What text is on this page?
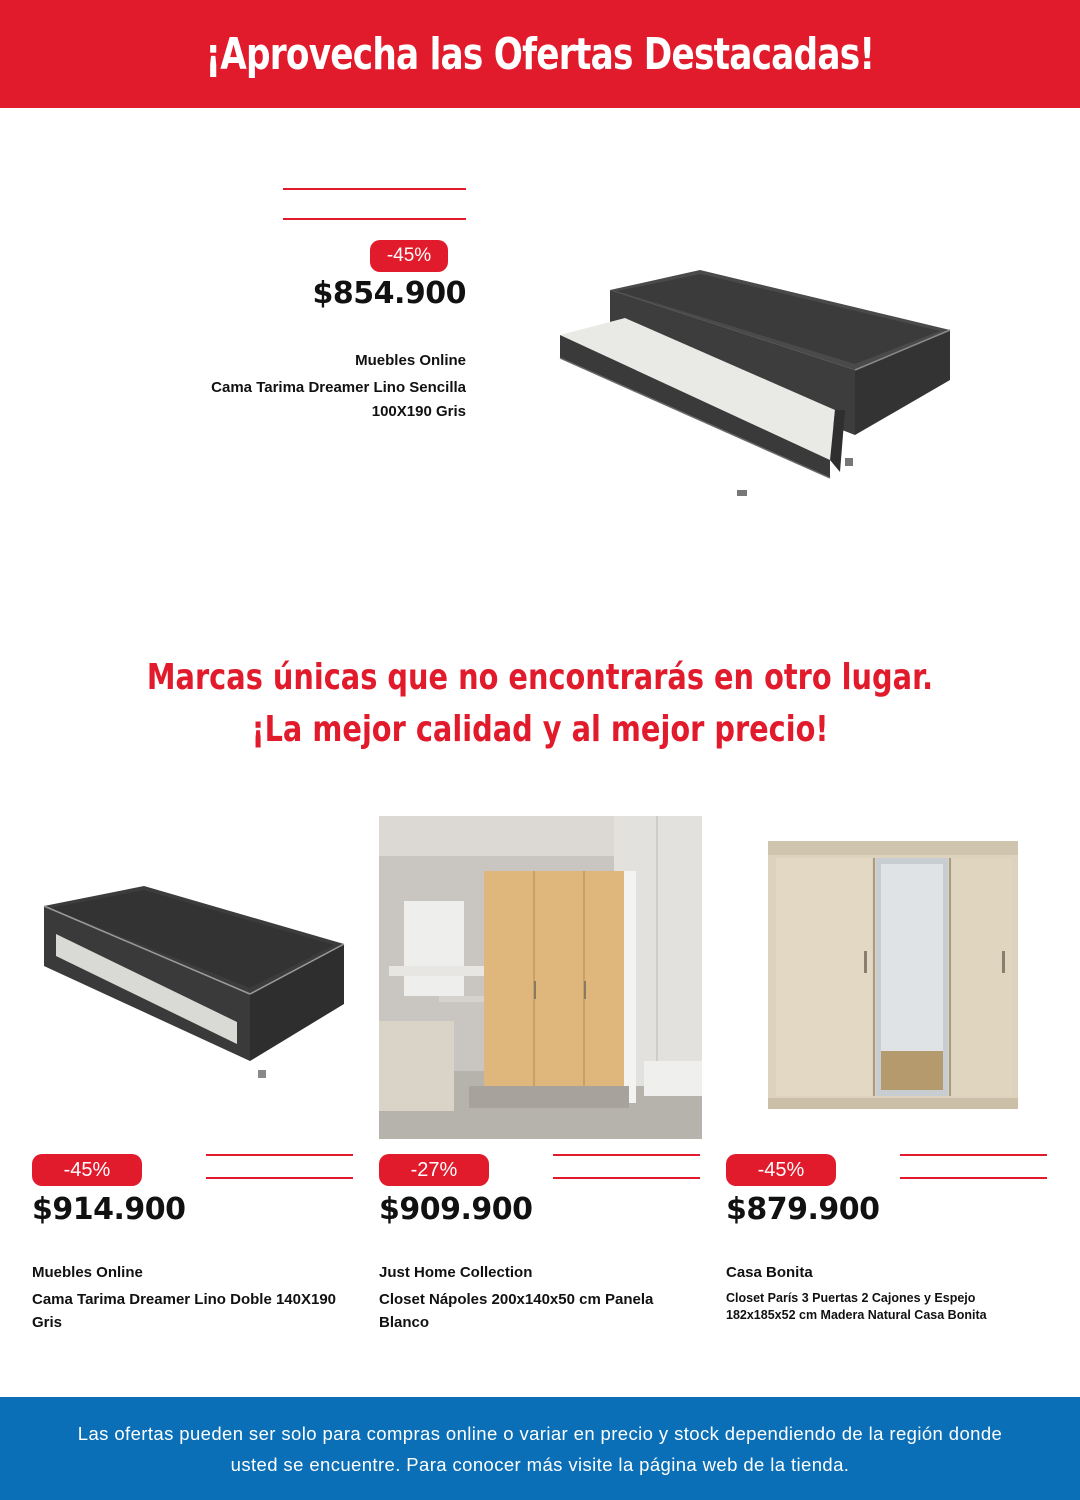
¡Aprovecha las Ofertas Destacadas!
-45%
$854.900
Muebles Online
Cama Tarima Dreamer Lino Sencilla 100X190 Gris
Marcas únicas que no encontrarás en otro lugar.
¡La mejor calidad y al mejor precio!
-45%
$914.900
Muebles Online
Cama Tarima Dreamer Lino Doble 140X190 Gris
-27%
$909.900
Just Home Collection
Closet Nápoles 200x140x50 cm Panela Blanco
-45%
$879.900
Casa Bonita
Closet París 3 Puertas 2 Cajones y Espejo 182x185x52 cm Madera Natural Casa Bonita
Las ofertas pueden ser solo para compras online o variar en precio y stock dependiendo de la región donde usted se encuentre. Para conocer más visite la página web de la tienda.
